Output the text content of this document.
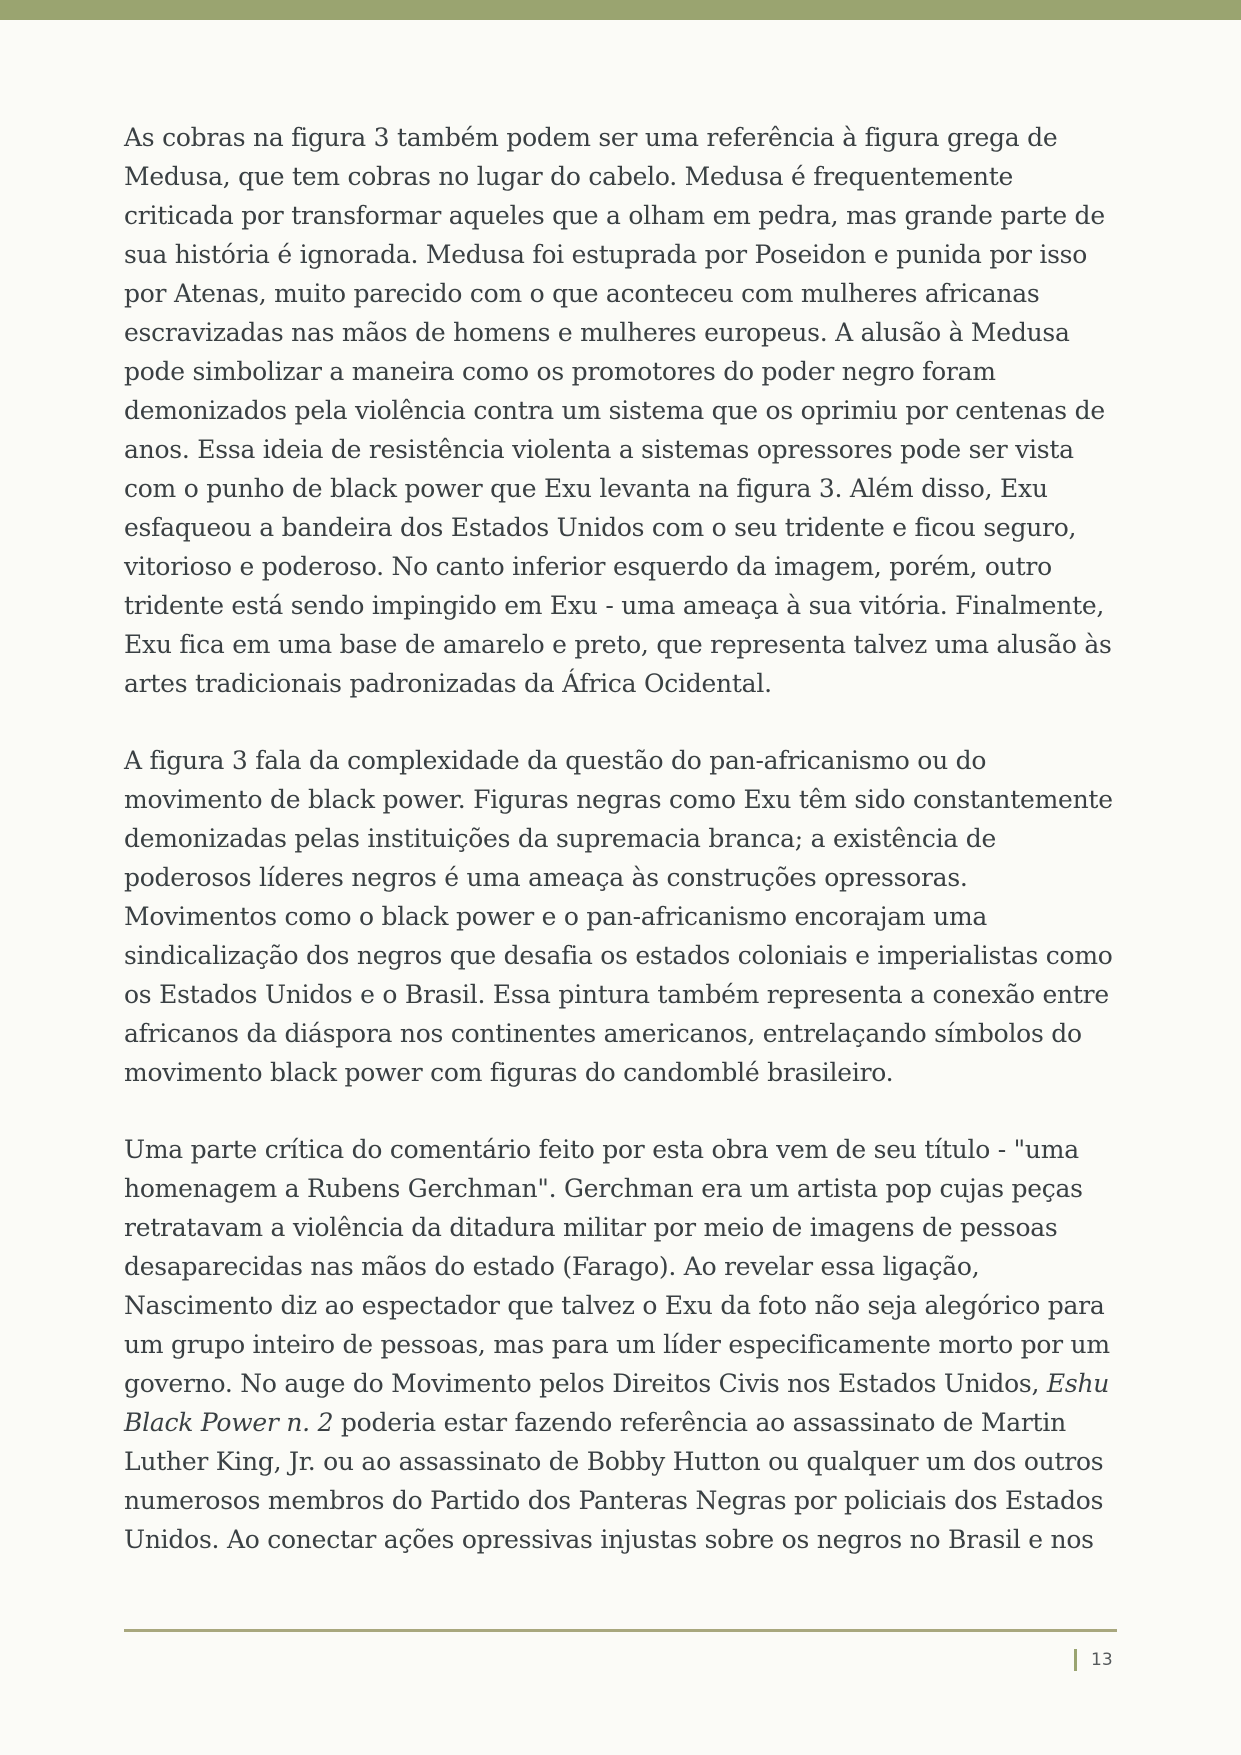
As cobras na figura 3 também podem ser uma referência à figura grega de
Medusa, que tem cobras no lugar do cabelo. Medusa é frequentemente
criticada por transformar aqueles que a olham em pedra, mas grande parte de
sua história é ignorada. Medusa foi estuprada por Poseidon e punida por isso
por Atenas, muito parecido com o que aconteceu com mulheres africanas
escravizadas nas mãos de homens e mulheres europeus. A alusão à Medusa
pode simbolizar a maneira como os promotores do poder negro foram
demonizados pela violência contra um sistema que os oprimiu por centenas de
anos. Essa ideia de resistência violenta a sistemas opressores pode ser vista
com o punho de black power que Exu levanta na figura 3. Além disso, Exu
esfaqueou a bandeira dos Estados Unidos com o seu tridente e ficou seguro,
vitorioso e poderoso. No canto inferior esquerdo da imagem, porém, outro
tridente está sendo impingido em Exu - uma ameaça à sua vitória. Finalmente,
Exu fica em uma base de amarelo e preto, que representa talvez uma alusão às
artes tradicionais padronizadas da África Ocidental.

A figura 3 fala da complexidade da questão do pan-africanismo ou do
movimento de black power. Figuras negras como Exu têm sido constantemente
demonizadas pelas instituições da supremacia branca; a existência de
poderosos líderes negros é uma ameaça às construções opressoras.
Movimentos como o black power e o pan-africanismo encorajam uma
sindicalização dos negros que desafia os estados coloniais e imperialistas como
os Estados Unidos e o Brasil. Essa pintura também representa a conexão entre
africanos da diáspora nos continentes americanos, entrelaçando símbolos do
movimento black power com figuras do candomblé brasileiro.

Uma parte crítica do comentário feito por esta obra vem de seu título - "uma
homenagem a Rubens Gerchman". Gerchman era um artista pop cujas peças
retratavam a violência da ditadura militar por meio de imagens de pessoas
desaparecidas nas mãos do estado (Farago). Ao revelar essa ligação,
Nascimento diz ao espectador que talvez o Exu da foto não seja alegórico para
um grupo inteiro de pessoas, mas para um líder especificamente morto por um
governo. No auge do Movimento pelos Direitos Civis nos Estados Unidos, Eshu
Black Power n. 2 poderia estar fazendo referência ao assassinato de Martin
Luther King, Jr. ou ao assassinato de Bobby Hutton ou qualquer um dos outros
numerosos membros do Partido dos Panteras Negras por policiais dos Estados
Unidos. Ao conectar ações opressivas injustas sobre os negros no Brasil e nos

13
